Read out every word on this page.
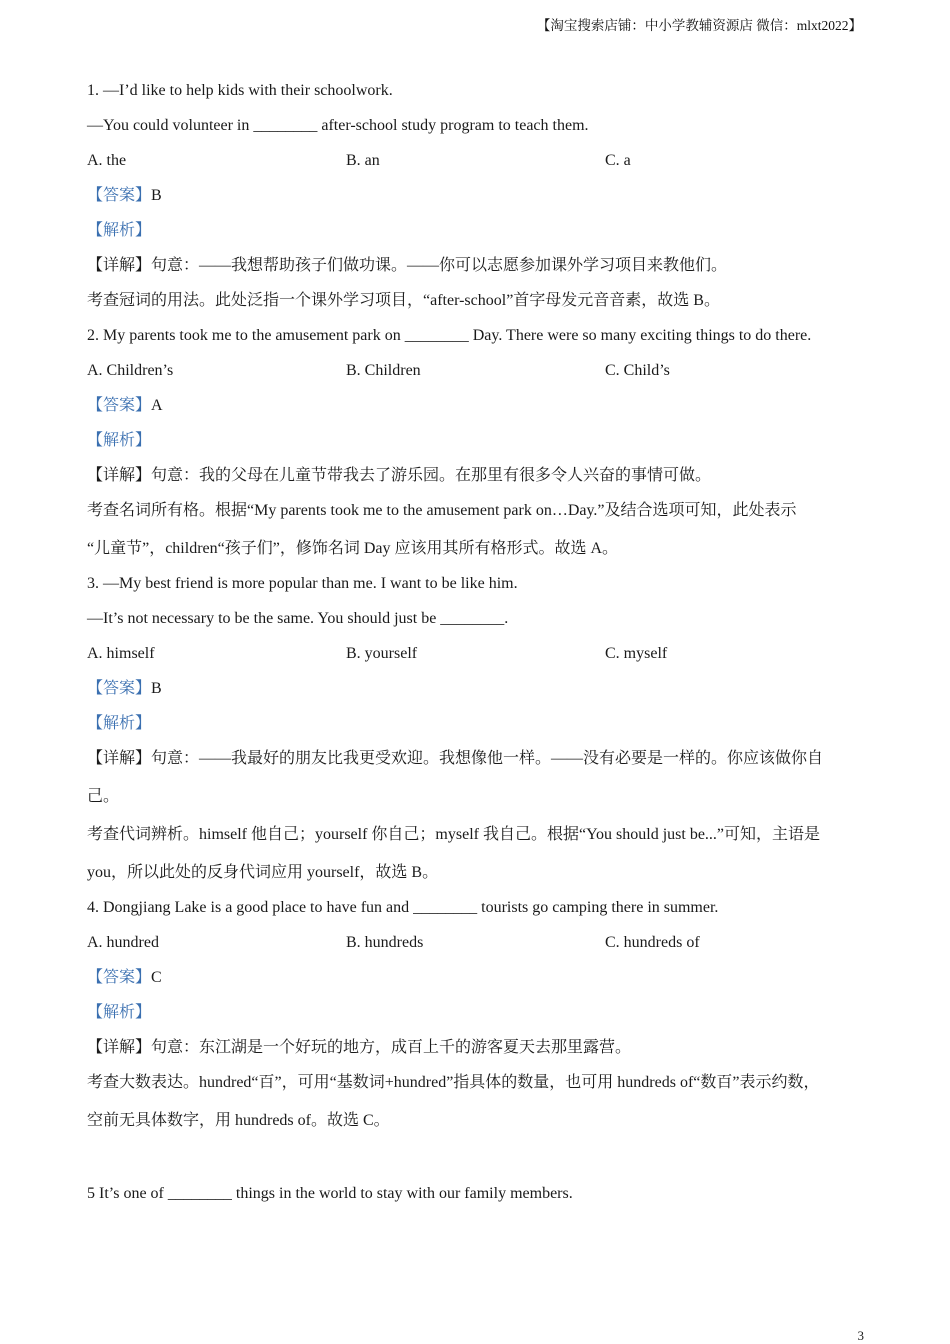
【淘宝搜索店铺：中小学教辅资源店 微信：mlxt2022】
1. —I’d like to help kids with their schoolwork.
—You could volunteer in ________ after-school study program to teach them.
A. the	B. an	C. a
【答案】B
【解析】
【详解】句意：——我想帮助孩子们做功课。——你可以志愿参加课外学习项目来教他们。
考查冠词的用法。此处泛指一个课外学习项目，“after-school”首字母发元音音素，故选 B。
2. My parents took me to the amusement park on ________ Day. There were so many exciting things to do there.
A. Children’s	B. Children	C. Child’s
【答案】A
【解析】
【详解】句意：我的父母在儿童节带我去了游乐园。在那里有很多令人兴奋的事情可做。
考查名词所有格。根据“My parents took me to the amusement park on…Day.”及结合选项可知，此处表示
“儿童节”，children“孩子们”，修饰名词 Day 应该用其所有格形式。故选 A。
3. —My best friend is more popular than me. I want to be like him.
—It’s not necessary to be the same. You should just be ________.
A. himself	B. yourself	C. myself
【答案】B
【解析】
【详解】句意：——我最好的朋友比我更受欢迎。我想像他一样。——没有必要是一样的。你应该做你自
己。
考查代词辨析。himself 他自己；yourself 你自己；myself 我自己。根据“You should just be...”可知，主语是
you，所以此处的反身代词应用 yourself，故选 B。
4. Dongjiang Lake is a good place to have fun and ________ tourists go camping there in summer.
A. hundred	B. hundreds	C. hundreds of
【答案】C
【解析】
【详解】句意：东江湖是一个好玩的地方，成百上千的游客夏天去那里露营。
考查大数表达。hundred“百”，可用“基数词+hundred”指具体的数量，也可用 hundreds of“数百”表示约数，
空前无具体数字，用 hundreds of。故选 C。
5 It’s one of ________ things in the world to stay with our family members.
3
